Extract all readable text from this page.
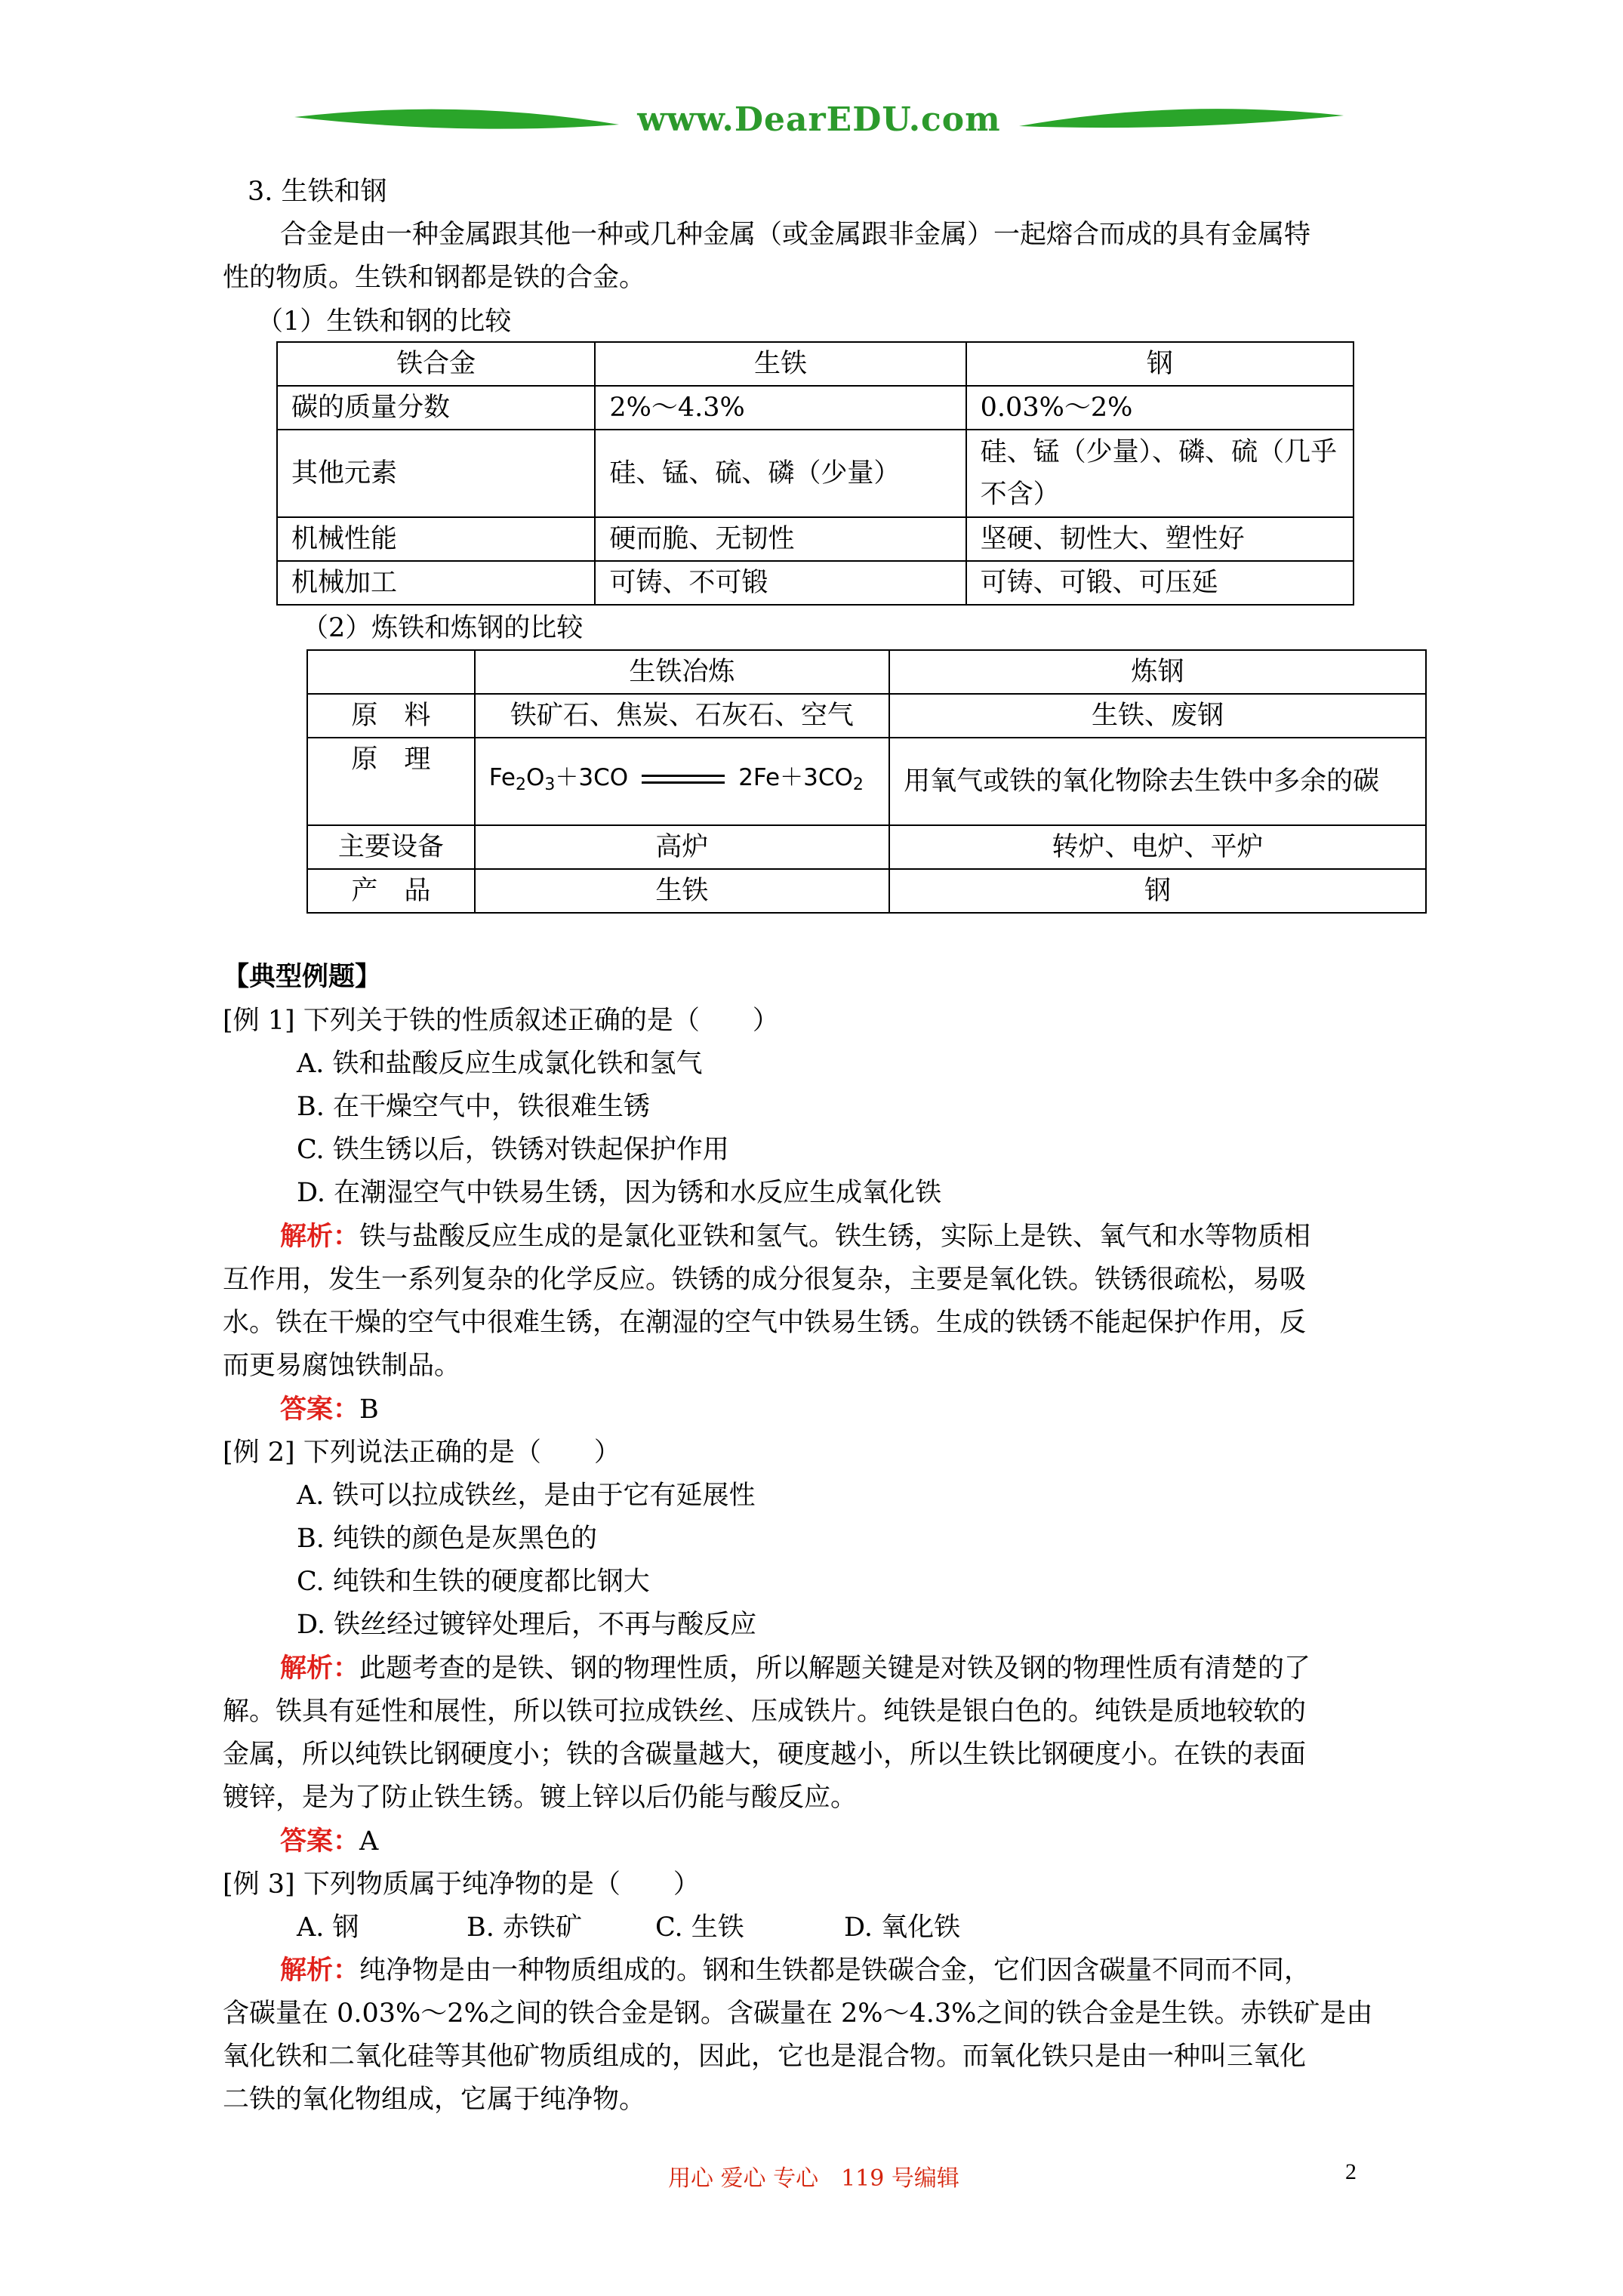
www.DearEDU.com
3. 生铁和钢
合金是由一种金属跟其他一种或几种金属（或金属跟非金属）一起熔合而成的具有金属特
性的物质。生铁和钢都是铁的合金。
（1）生铁和钢的比较
铁合金	生铁	钢
碳的质量分数	2%～4.3%	0.03%～2%
其他元素	硅、锰、硫、磷（少量）	硅、锰（少量）、磷、硫（几乎不含）
机械性能	硬而脆、无韧性	坚硬、韧性大、塑性好
机械加工	可铸、不可锻	可铸、可锻、可压延
（2）炼铁和炼钢的比较
	生铁冶炼	炼钢
原　料	铁矿石、焦炭、石灰石、空气	生铁、废钢
原　理	$Fe_2O_3+3CO$ $2Fe+3CO_2$	用氧气或铁的氧化物除去生铁中多余的碳
主要设备	高炉	转炉、电炉、平炉
产　品	生铁	钢
【典型例题】
[例 1] 下列关于铁的性质叙述正确的是（　　）
A. 铁和盐酸反应生成氯化铁和氢气
B. 在干燥空气中，铁很难生锈
C. 铁生锈以后，铁锈对铁起保护作用
D. 在潮湿空气中铁易生锈，因为锈和水反应生成氧化铁
解析：铁与盐酸反应生成的是氯化亚铁和氢气。铁生锈，实际上是铁、氧气和水等物质相
互作用，发生一系列复杂的化学反应。铁锈的成分很复杂，主要是氧化铁。铁锈很疏松，易吸
水。铁在干燥的空气中很难生锈，在潮湿的空气中铁易生锈。生成的铁锈不能起保护作用，反
而更易腐蚀铁制品。
答案：B
[例 2] 下列说法正确的是（　　）
A. 铁可以拉成铁丝，是由于它有延展性
B. 纯铁的颜色是灰黑色的
C. 纯铁和生铁的硬度都比钢大
D. 铁丝经过镀锌处理后，不再与酸反应
解析：此题考查的是铁、钢的物理性质，所以解题关键是对铁及钢的物理性质有清楚的了
解。铁具有延性和展性，所以铁可拉成铁丝、压成铁片。纯铁是银白色的。纯铁是质地较软的
金属，所以纯铁比钢硬度小；铁的含碳量越大，硬度越小，所以生铁比钢硬度小。在铁的表面
镀锌，是为了防止铁生锈。镀上锌以后仍能与酸反应。
答案：A
[例 3] 下列物质属于纯净物的是（　　）
A. 钢	B. 赤铁矿	C. 生铁	D. 氧化铁
解析：纯净物是由一种物质组成的。钢和生铁都是铁碳合金，它们因含碳量不同而不同，
含碳量在 0.03%～2%之间的铁合金是钢。含碳量在 2%～4.3%之间的铁合金是生铁。赤铁矿是由
氧化铁和二氧化硅等其他矿物质组成的，因此，它也是混合物。而氧化铁只是由一种叫三氧化
二铁的氧化物组成，它属于纯净物。
用心 爱心 专心　119 号编辑	2
